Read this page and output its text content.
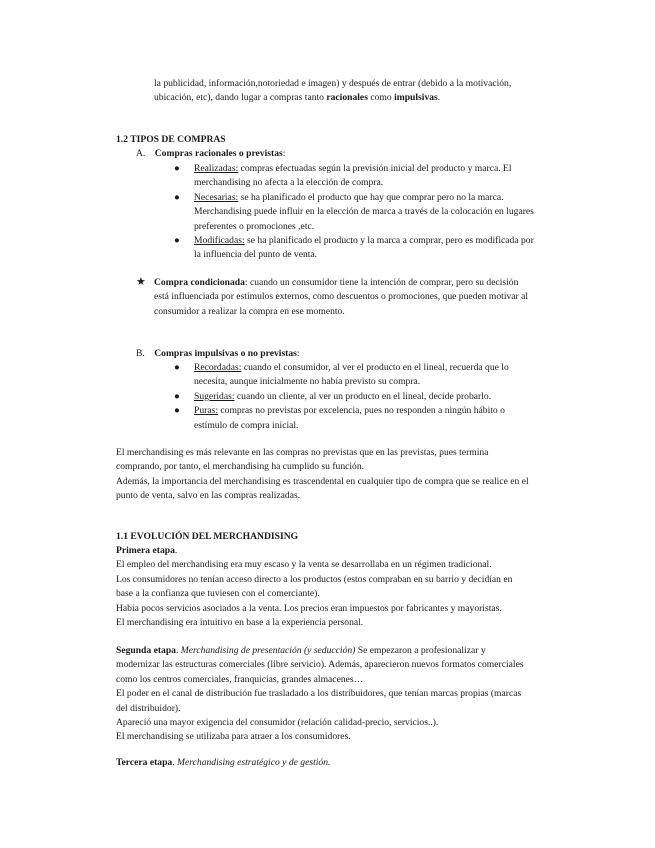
la publicidad, información,notoriedad e imagen) y después de entrar (debido a la motivación,

ubicación, etc), dando lugar a compras tanto racionales como impulsivas.

1.2 TIPOS DE COMPRAS
A. Compras racionales o previstas:
● Realizadas: compras efectuadas según la previsión inicial del producto y marca. El

merchandising no afecta a la elección de compra.

● Necesarias: se ha planificado el producto que hay que comprar pero no la marca.

Merchandising puede influir en la elección de marca a través de la colocación en lugares

preferentes o promociones ,etc.

● Modificadas: se ha planificado el producto y la marca a comprar, pero es modificada por

la influencia del punto de venta.

★ Compra condicionada: cuando un consumidor tiene la intención de comprar, pero su decisión

está influenciada por estímulos externos, como descuentos o promociones, que pueden motivar al

consumidor a realizar la compra en ese momento.

B. Compras impulsivas o no previstas:
● Recordadas: cuando el consumidor, al ver el producto en el lineal, recuerda que lo

necesita, aunque inicialmente no había previsto su compra.

● Sugeridas: cuando un cliente, al ver un producto en el lineal, decide probarlo.

● Puras: compras no previstas por excelencia, pues no responden a ningún hábito o

estímulo de compra inicial.

El merchandising es más relevante en las compras no previstas que en las previstas, pues termina

comprando, por tanto, el merchandising ha cumplido su función.

Además, la importancia del merchandising es trascendental en cualquier tipo de compra que se realice en el

punto de venta, salvo en las compras realizadas.

1.1 EVOLUCIÓN DEL MERCHANDISING

Primera etapa.

El empleo del merchandising era muy escaso y la venta se desarrollaba en un régimen tradicional.

Los consumidores no tenían acceso directo a los productos (estos compraban en su barrio y decidían en

base a la confianza que tuviesen con el comerciante).

Había pocos servicios asociados a la venta. Los precios eran impuestos por fabricantes y mayoristas.

El merchandising era intuitivo en base a la experiencia personal.

Segunda etapa. Merchandising de presentación (y seducción) Se empezaron a profesionalizar y

modernizar las estructuras comerciales (libre servicio). Además, aparecieron nuevos formatos comerciales

como los centros comerciales, franquicias, grandes almacenes…

El poder en el canal de distribución fue trasladado a los distribuidores, que tenían marcas propias (marcas

del distribuidor).

Apareció una mayor exigencia del consumidor (relación calidad-precio, servicios..).

El merchandising se utilizaba para atraer a los consumidores.

Tercera etapa. Merchandising estratégico y de gestión.
